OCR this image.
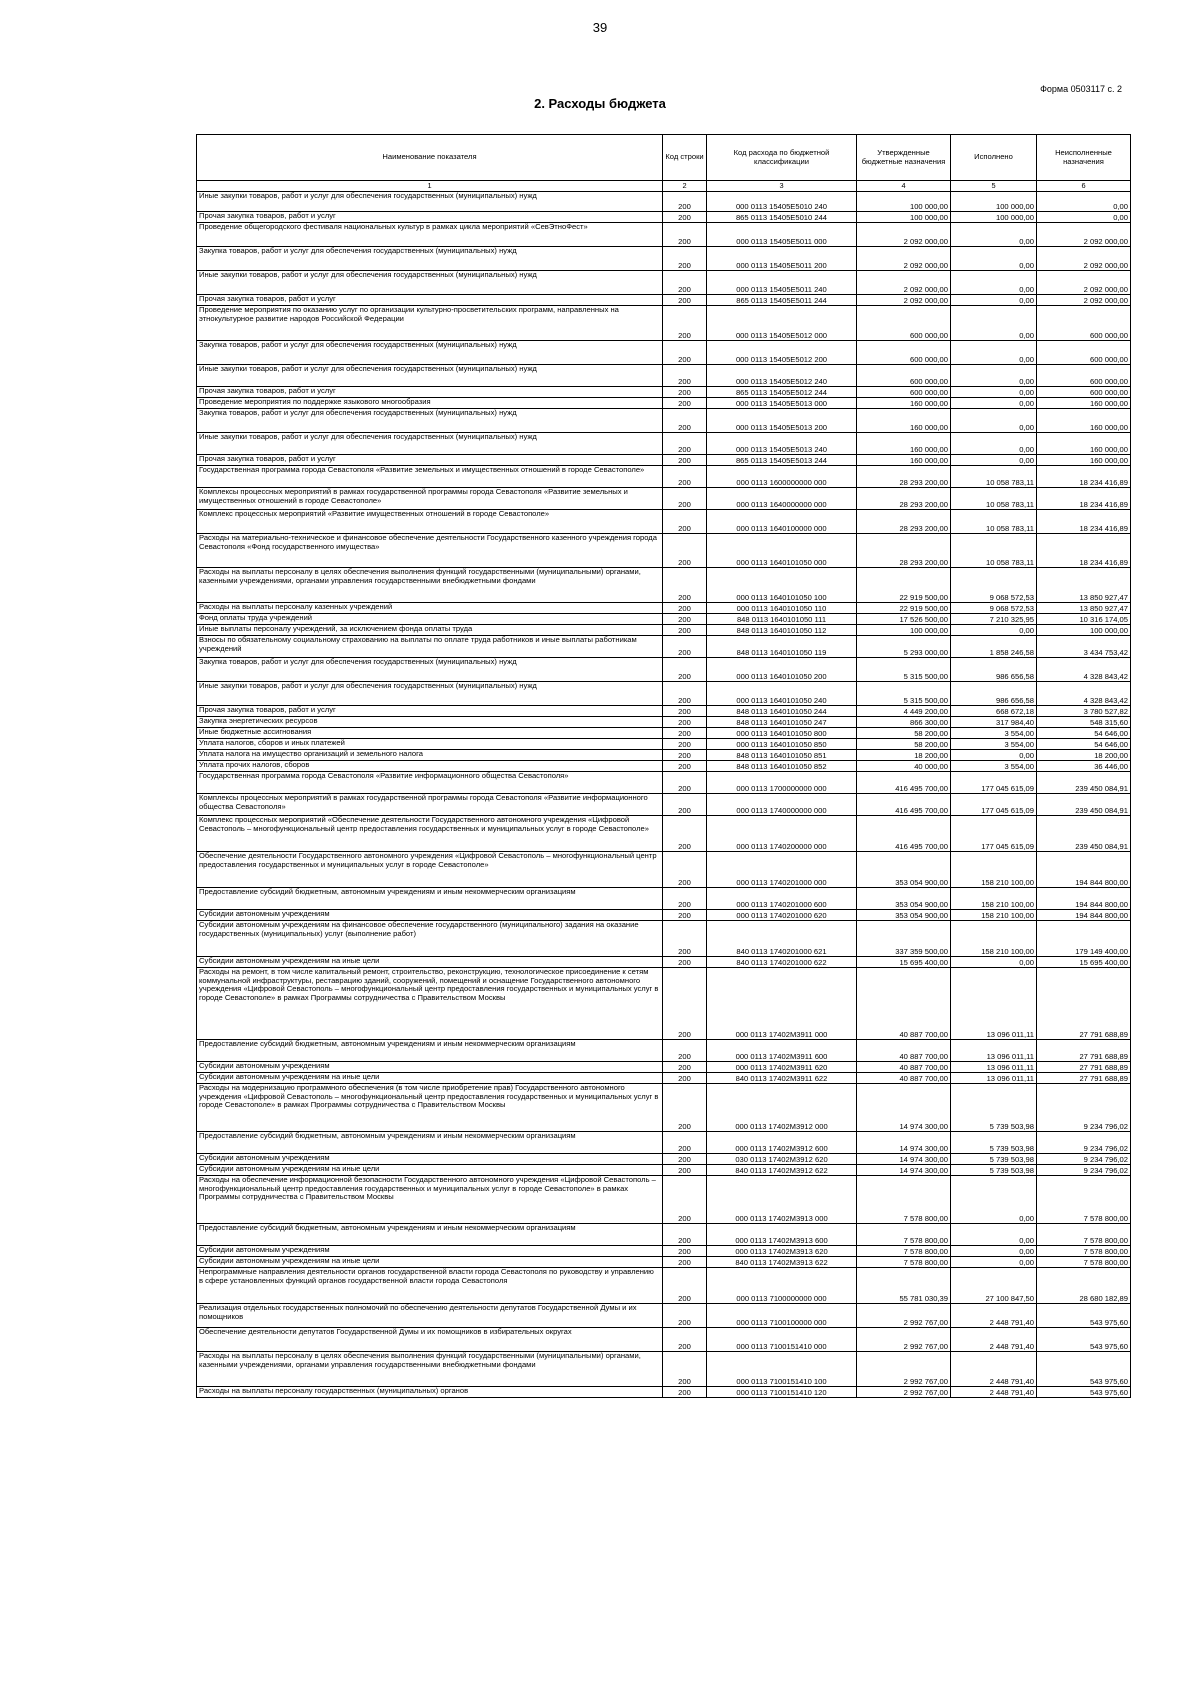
39
Форма 0503117 с. 2
2. Расходы бюджета
Наименование показателя	Код строки	Код расхода по бюджетной классификации	Утвержденные бюджетные назначения	Исполнено	Неисполненные назначения
1	2	3	4	5	6
Иные закупки товаров, работ и услуг для обеспечения государственных (муниципальных) нужд	200	000 0113 15405Е5010 240	100 000,00	100 000,00	0,00
Прочая закупка товаров, работ и услуг	200	865 0113 15405Е5010 244	100 000,00	100 000,00	0,00
Проведение общегородского фестиваля национальных культур в рамках цикла мероприятий «СевЭтноФест»	200	000 0113 15405Е5011 000	2 092 000,00	0,00	2 092 000,00
Закупка товаров, работ и услуг для обеспечения государственных (муниципальных) нужд	200	000 0113 15405Е5011 200	2 092 000,00	0,00	2 092 000,00
Иные закупки товаров, работ и услуг для обеспечения государственных (муниципальных) нужд	200	000 0113 15405Е5011 240	2 092 000,00	0,00	2 092 000,00
Прочая закупка товаров, работ и услуг	200	865 0113 15405Е5011 244	2 092 000,00	0,00	2 092 000,00
Проведение мероприятия по оказанию услуг по организации культурно-просветительских программ, направленных на этнокультурное развитие народов Российской Федерации	200	000 0113 15405Е5012 000	600 000,00	0,00	600 000,00
Закупка товаров, работ и услуг для обеспечения государственных (муниципальных) нужд	200	000 0113 15405Е5012 200	600 000,00	0,00	600 000,00
Иные закупки товаров, работ и услуг для обеспечения государственных (муниципальных) нужд	200	000 0113 15405Е5012 240	600 000,00	0,00	600 000,00
Прочая закупка товаров, работ и услуг	200	865 0113 15405Е5012 244	600 000,00	0,00	600 000,00
Проведение мероприятия по поддержке языкового многообразия	200	000 0113 15405Е5013 000	160 000,00	0,00	160 000,00
Закупка товаров, работ и услуг для обеспечения государственных (муниципальных) нужд	200	000 0113 15405Е5013 200	160 000,00	0,00	160 000,00
Иные закупки товаров, работ и услуг для обеспечения государственных (муниципальных) нужд	200	000 0113 15405Е5013 240	160 000,00	0,00	160 000,00
Прочая закупка товаров, работ и услуг	200	865 0113 15405Е5013 244	160 000,00	0,00	160 000,00
Государственная программа города Севастополя «Развитие земельных и имущественных отношений в городе Севастополе»	200	000 0113 1600000000 000	28 293 200,00	10 058 783,11	18 234 416,89
Комплексы процессных мероприятий в рамках государственной программы города Севастополя «Развитие земельных и имущественных отношений в городе Севастополе»	200	000 0113 1640000000 000	28 293 200,00	10 058 783,11	18 234 416,89
Комплекс процессных мероприятий «Развитие имущественных отношений в городе Севастополе»	200	000 0113 1640100000 000	28 293 200,00	10 058 783,11	18 234 416,89
Расходы на материально-техническое и финансовое обеспечение деятельности Государственного казенного учреждения города Севастополя «Фонд государственного имущества»	200	000 0113 1640101050 000	28 293 200,00	10 058 783,11	18 234 416,89
Расходы на выплаты персоналу в целях обеспечения выполнения функций государственными (муниципальными) органами, казенными учреждениями, органами управления государственными внебюджетными фондами	200	000 0113 1640101050 100	22 919 500,00	9 068 572,53	13 850 927,47
Расходы на выплаты персоналу казенных учреждений	200	000 0113 1640101050 110	22 919 500,00	9 068 572,53	13 850 927,47
Фонд оплаты труда учреждений	200	848 0113 1640101050 111	17 526 500,00	7 210 325,95	10 316 174,05
Иные выплаты персоналу учреждений, за исключением фонда оплаты труда	200	848 0113 1640101050 112	100 000,00	0,00	100 000,00
Взносы по обязательному социальному страхованию на выплаты по оплате труда работников и иные выплаты работникам учреждений	200	848 0113 1640101050 119	5 293 000,00	1 858 246,58	3 434 753,42
Закупка товаров, работ и услуг для обеспечения государственных (муниципальных) нужд	200	000 0113 1640101050 200	5 315 500,00	986 656,58	4 328 843,42
Иные закупки товаров, работ и услуг для обеспечения государственных (муниципальных) нужд	200	000 0113 1640101050 240	5 315 500,00	986 656,58	4 328 843,42
Прочая закупка товаров, работ и услуг	200	848 0113 1640101050 244	4 449 200,00	668 672,18	3 780 527,82
Закупка энергетических ресурсов	200	848 0113 1640101050 247	866 300,00	317 984,40	548 315,60
Иные бюджетные ассигнования	200	000 0113 1640101050 800	58 200,00	3 554,00	54 646,00
Уплата налогов, сборов и иных платежей	200	000 0113 1640101050 850	58 200,00	3 554,00	54 646,00
Уплата налога на имущество организаций и земельного налога	200	848 0113 1640101050 851	18 200,00	0,00	18 200,00
Уплата прочих налогов, сборов	200	848 0113 1640101050 852	40 000,00	3 554,00	36 446,00
Государственная программа города Севастополя «Развитие информационного общества Севастополя»	200	000 0113 1700000000 000	416 495 700,00	177 045 615,09	239 450 084,91
Комплексы процессных мероприятий в рамках государственной программы города Севастополя «Развитие информационного общества Севастополя»	200	000 0113 1740000000 000	416 495 700,00	177 045 615,09	239 450 084,91
Комплекс процессных мероприятий «Обеспечение деятельности Государственного автономного учреждения «Цифровой Севастополь – многофункциональный центр предоставления государственных и муниципальных услуг в городе Севастополе»	200	000 0113 1740200000 000	416 495 700,00	177 045 615,09	239 450 084,91
Обеспечение деятельности Государственного автономного учреждения «Цифровой Севастополь – многофункциональный центр предоставления государственных и муниципальных услуг в городе Севастополе»	200	000 0113 1740201000 000	353 054 900,00	158 210 100,00	194 844 800,00
Предоставление субсидий бюджетным, автономным учреждениям и иным некоммерческим организациям	200	000 0113 1740201000 600	353 054 900,00	158 210 100,00	194 844 800,00
Субсидии автономным учреждениям	200	000 0113 1740201000 620	353 054 900,00	158 210 100,00	194 844 800,00
Субсидии автономным учреждениям на финансовое обеспечение государственного (муниципального) задания на оказание государственных (муниципальных) услуг (выполнение работ)	200	840 0113 1740201000 621	337 359 500,00	158 210 100,00	179 149 400,00
Субсидии автономным учреждениям на иные цели	200	840 0113 1740201000 622	15 695 400,00	0,00	15 695 400,00
Расходы на ремонт, в том числе капитальный ремонт, строительство, реконструкцию, технологическое присоединение к сетям коммунальной инфраструктуры, реставрацию зданий, сооружений, помещений и оснащение Государственного автономного учреждения «Цифровой Севастополь – многофункциональный центр предоставления государственных и муниципальных услуг в городе Севастополе» в рамках Программы сотрудничества с Правительством Москвы	200	000 0113 17402М3911 000	40 887 700,00	13 096 011,11	27 791 688,89
Предоставление субсидий бюджетным, автономным учреждениям и иным некоммерческим организациям	200	000 0113 17402М3911 600	40 887 700,00	13 096 011,11	27 791 688,89
Субсидии автономным учреждениям	200	000 0113 17402М3911 620	40 887 700,00	13 096 011,11	27 791 688,89
Субсидии автономным учреждениям на иные цели	200	840 0113 17402М3911 622	40 887 700,00	13 096 011,11	27 791 688,89
Расходы на модернизацию программного обеспечения (в том числе приобретение прав) Государственного автономного учреждения «Цифровой Севастополь – многофункциональный центр предоставления государственных и муниципальных услуг в городе Севастополе» в рамках Программы сотрудничества с Правительством Москвы	200	000 0113 17402М3912 000	14 974 300,00	5 739 503,98	9 234 796,02
Предоставление субсидий бюджетным, автономным учреждениям и иным некоммерческим организациям	200	000 0113 17402М3912 600	14 974 300,00	5 739 503,98	9 234 796,02
Субсидии автономным учреждениям	200	030 0113 17402М3912 620	14 974 300,00	5 739 503,98	9 234 796,02
Субсидии автономным учреждениям на иные цели	200	840 0113 17402М3912 622	14 974 300,00	5 739 503,98	9 234 796,02
Расходы на обеспечение информационной безопасности Государственного автономного учреждения «Цифровой Севастополь – многофункциональный центр предоставления государственных и муниципальных услуг в городе Севастополе» в рамках Программы сотрудничества с Правительством Москвы	200	000 0113 17402М3913 000	7 578 800,00	0,00	7 578 800,00
Предоставление субсидий бюджетным, автономным учреждениям и иным некоммерческим организациям	200	000 0113 17402М3913 600	7 578 800,00	0,00	7 578 800,00
Субсидии автономным учреждениям	200	000 0113 17402М3913 620	7 578 800,00	0,00	7 578 800,00
Субсидии автономным учреждениям на иные цели	200	840 0113 17402М3913 622	7 578 800,00	0,00	7 578 800,00
Непрограммные направления деятельности органов государственной власти города Севастополя по руководству и управлению в сфере установленных функций органов государственной власти города Севастополя	200	000 0113 7100000000 000	55 781 030,39	27 100 847,50	28 680 182,89
Реализация отдельных государственных полномочий по обеспечению деятельности депутатов Государственной Думы и их помощников	200	000 0113 7100100000 000	2 992 767,00	2 448 791,40	543 975,60
Обеспечение деятельности депутатов Государственной Думы и их помощников в избирательных округах	200	000 0113 7100151410 000	2 992 767,00	2 448 791,40	543 975,60
Расходы на выплаты персоналу в целях обеспечения выполнения функций государственными (муниципальными) органами, казенными учреждениями, органами управления государственными внебюджетными фондами	200	000 0113 7100151410 100	2 992 767,00	2 448 791,40	543 975,60
Расходы на выплаты персоналу государственных (муниципальных) органов	200	000 0113 7100151410 120	2 992 767,00	2 448 791,40	543 975,60
